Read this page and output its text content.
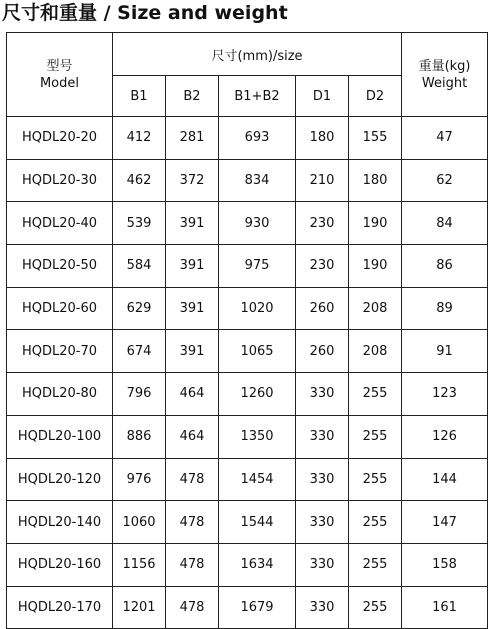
尺寸和重量 / Size and weight
型号
Model	尺寸(mm)/size					重量(kg)
Weight

	B1	B2	B1+B2	D1	D2	
HQDL20-20	412	281	693	180	155	47
HQDL20-30	462	372	834	210	180	62
HQDL20-40	539	391	930	230	190	84
HQDL20-50	584	391	975	230	190	86
HQDL20-60	629	391	1020	260	208	89
HQDL20-70	674	391	1065	260	208	91
HQDL20-80	796	464	1260	330	255	123
HQDL20-100	886	464	1350	330	255	126
HQDL20-120	976	478	1454	330	255	144
HQDL20-140	1060	478	1544	330	255	147
HQDL20-160	1156	478	1634	330	255	158
HQDL20-170	1201	478	1679	330	255	161
